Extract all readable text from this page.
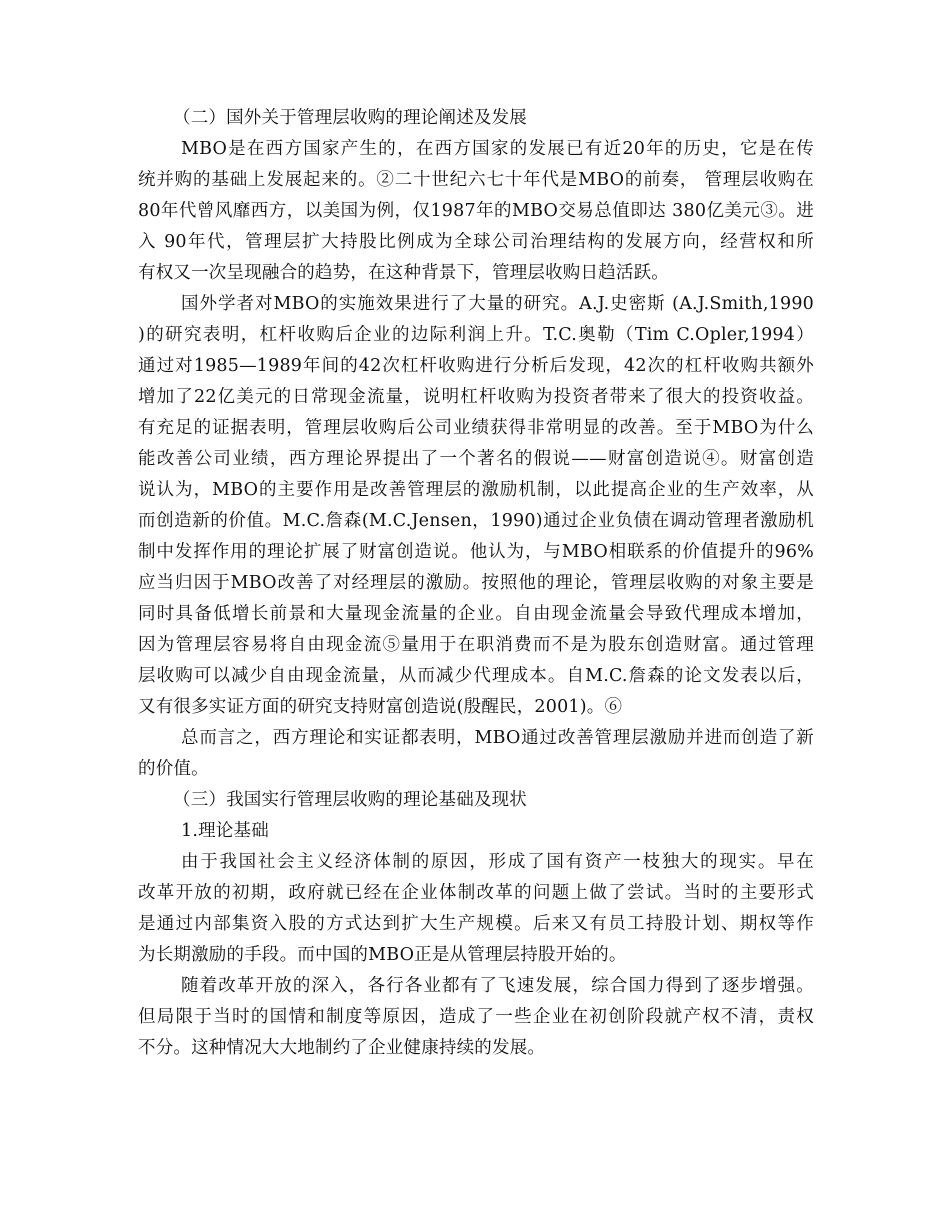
（二）国外关于管理层收购的理论阐述及发展
MBO是在西方国家产生的，在西方国家的发展已有近20年的历史，它是在传
统并购的基础上发展起来的。②二十世纪六七十年代是MBO的前奏， 管理层收购在
80年代曾风靡西方，以美国为例，仅1987年的MBO交易总值即达 380亿美元③。进
入 90年代，管理层扩大持股比例成为全球公司治理结构的发展方向，经营权和所
有权又一次呈现融合的趋势，在这种背景下，管理层收购日趋活跃。
国外学者对MBO的实施效果进行了大量的研究。A.J.史密斯 (A.J.Smith,1990
)的研究表明，杠杆收购后企业的边际利润上升。T.C.奥勒（Tim C.Opler,1994）
通过对1985—1989年间的42次杠杆收购进行分析后发现，42次的杠杆收购共额外
增加了22亿美元的日常现金流量，说明杠杆收购为投资者带来了很大的投资收益。
有充足的证据表明，管理层收购后公司业绩获得非常明显的改善。至于MBO为什么
能改善公司业绩，西方理论界提出了一个著名的假说——财富创造说④。财富创造
说认为，MBO的主要作用是改善管理层的激励机制，以此提高企业的生产效率，从
而创造新的价值。M.C.詹森(M.C.Jensen，1990)通过企业负债在调动管理者激励机
制中发挥作用的理论扩展了财富创造说。他认为，与MBO相联系的价值提升的96%
应当归因于MBO改善了对经理层的激励。按照他的理论，管理层收购的对象主要是
同时具备低增长前景和大量现金流量的企业。自由现金流量会导致代理成本增加，
因为管理层容易将自由现金流⑤量用于在职消费而不是为股东创造财富。通过管理
层收购可以减少自由现金流量，从而减少代理成本。自M.C.詹森的论文发表以后，
又有很多实证方面的研究支持财富创造说(殷醒民，2001)。⑥
总而言之，西方理论和实证都表明，MBO通过改善管理层激励并进而创造了新
的价值。
（三）我国实行管理层收购的理论基础及现状
1.理论基础
由于我国社会主义经济体制的原因，形成了国有资产一枝独大的现实。早在
改革开放的初期，政府就已经在企业体制改革的问题上做了尝试。当时的主要形式
是通过内部集资入股的方式达到扩大生产规模。后来又有员工持股计划、期权等作
为长期激励的手段。而中国的MBO正是从管理层持股开始的。
随着改革开放的深入，各行各业都有了飞速发展，综合国力得到了逐步增强。
但局限于当时的国情和制度等原因，造成了一些企业在初创阶段就产权不清，责权
不分。这种情况大大地制约了企业健康持续的发展。
